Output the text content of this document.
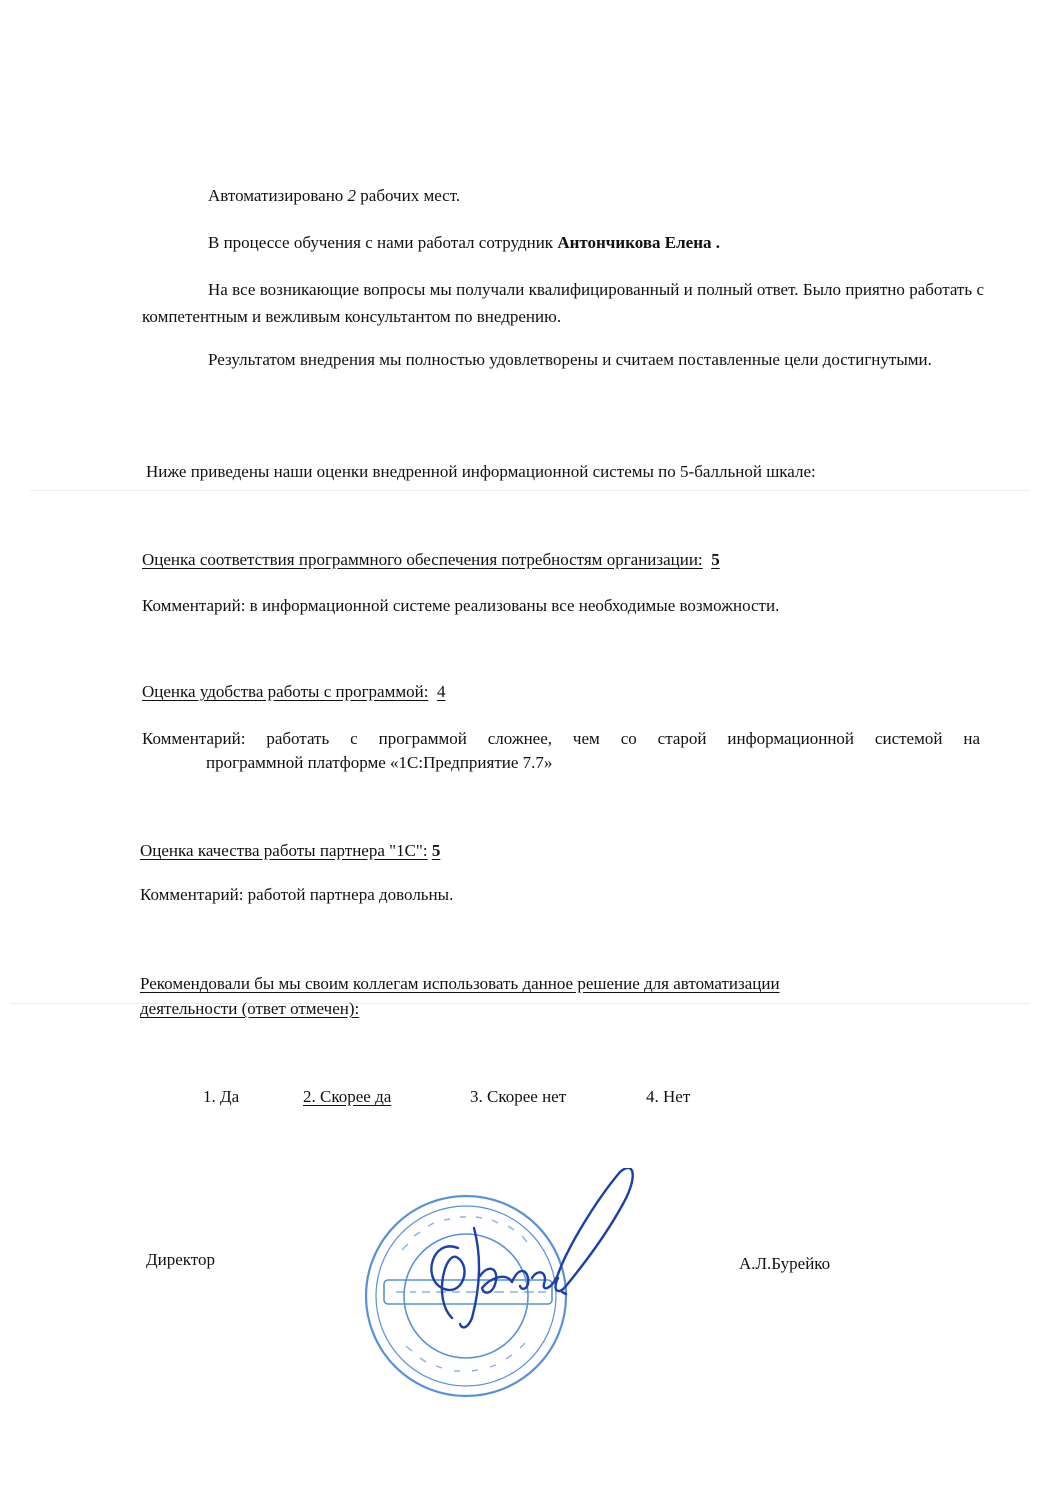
Автоматизировано 2 рабочих мест.
В процессе обучения с нами работал сотрудник Антончикова Елена .
На все возникающие вопросы мы получали квалифицированный и полный ответ. Было приятно работать с компетентным и вежливым консультантом по внедрению.
Результатом внедрения мы полностью удовлетворены и считаем поставленные цели достигнутыми.
Ниже приведены наши оценки внедренной информационной системы по 5-балльной шкале:
Оценка соответствия программного обеспечения потребностям организации: 5
Комментарий: в информационной системе реализованы все необходимые возможности.
Оценка удобства работы с программой: 4
Комментарий: работать с программой сложнее, чем со старой информационной системой на
программной платформе «1С:Предприятие 7.7»
Оценка качества работы партнера "1С": 5
Комментарий: работой партнера довольны.
Рекомендовали бы мы своим коллегам использовать данное решение для автоматизации
деятельности (ответ отмечен):
1. Да	2. Скорее да	3. Скорее нет	4. Нет
Директор	А.Л.Бурейко
